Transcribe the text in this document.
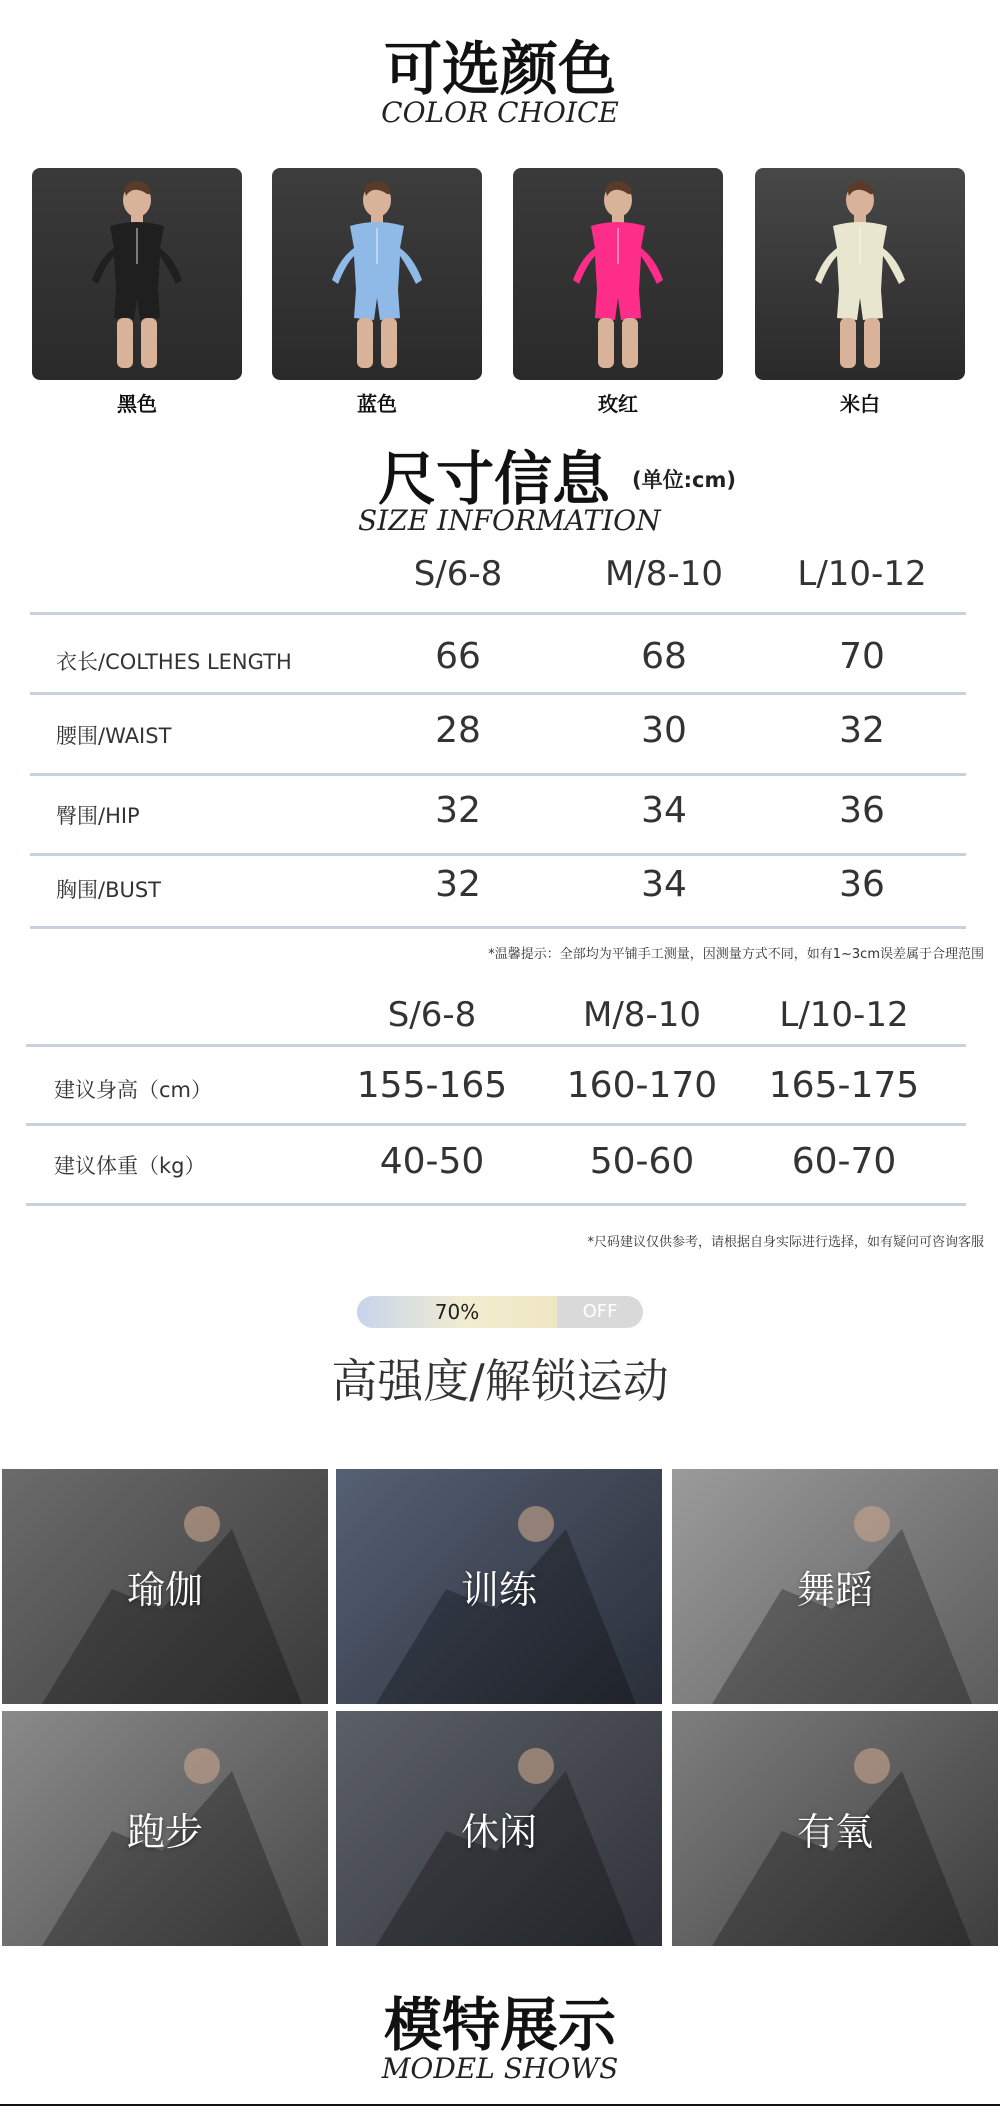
可选颜色
COLOR CHOICE
黑色	蓝色	玫红	米白
尺寸信息 (单位:cm)
SIZE INFORMATION
S/6-8	M/8-10	L/10-12
衣长/COLTHES LENGTH	66	68	70
腰围/WAIST	28	30	32
臀围/HIP	32	34	36
胸围/BUST	32	34	36
*温馨提示：全部均为平铺手工测量，因测量方式不同，如有1~3cm误差属于合理范围
S/6-8	M/8-10	L/10-12
建议身高（cm）	155-165	160-170	165-175
建议体重（kg）	40-50	50-60	60-70
*尺码建议仅供参考，请根据自身实际进行选择，如有疑问可咨询客服
70%	OFF
高强度/解锁运动
瑜伽	训练	舞蹈
跑步	休闲	有氧
模特展示
MODEL SHOWS
